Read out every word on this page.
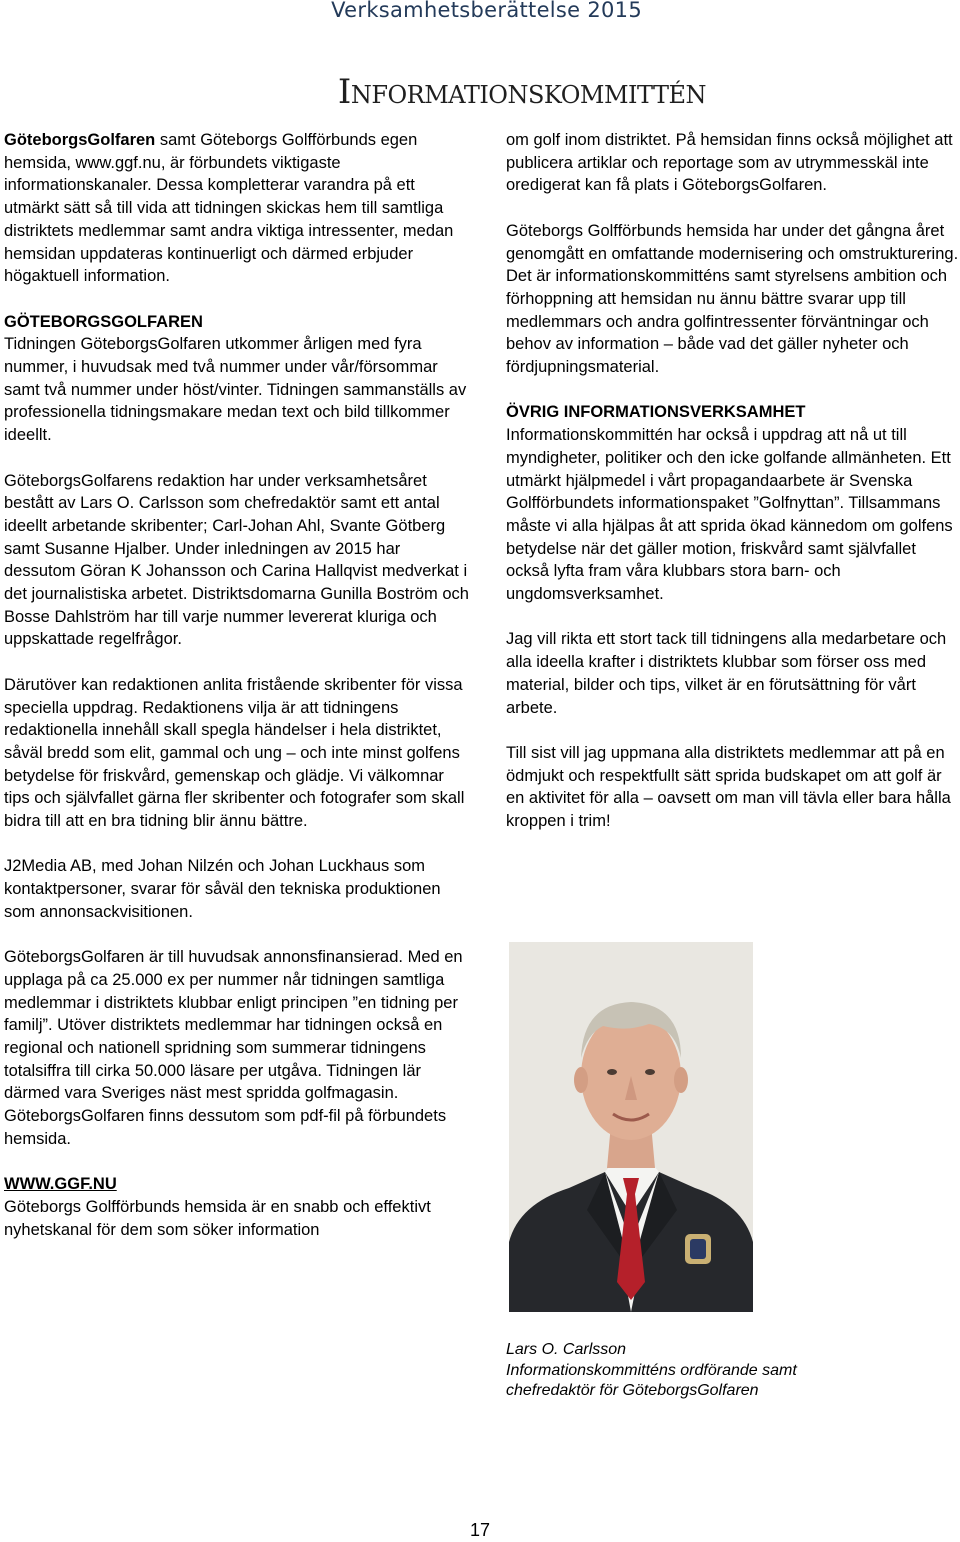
Verksamhetsberättelse 2015
Informationskommittén

GöteborgsGolfaren samt Göteborgs Golfförbunds egen hemsida, www.ggf.nu, är förbundets viktigaste informationskanaler. Dessa kompletterar varandra på ett utmärkt sätt så till vida att tidningen skickas hem till samtliga distriktets medlemmar samt andra viktiga intressenter, medan hemsidan uppdateras kontinuerligt och därmed erbjuder högaktuell information.

GÖTEBORGSGOLFAREN

Tidningen GöteborgsGolfaren utkommer årligen med fyra nummer, i huvudsak med två nummer under vår/försommar samt två nummer under höst/vinter. Tidningen sammanställs av professionella tidningsmakare medan text och bild tillkommer ideellt.

GöteborgsGolfarens redaktion har under verksamhetsåret bestått av Lars O. Carlsson som chefredaktör samt ett antal ideellt arbetande skribenter; Carl-Johan Ahl, Svante Götberg samt Susanne Hjalber. Under inledningen av 2015 har dessutom Göran K Johansson och Carina Hallqvist medverkat i det journalistiska arbetet. Distriktsdomarna Gunilla Boström och Bosse Dahlström har till varje nummer levererat kluriga och uppskattade regelfrågor.

Därutöver kan redaktionen anlita fristående skribenter för vissa speciella uppdrag. Redaktionens vilja är att tidningens redaktionella innehåll skall spegla händelser i hela distriktet, såväl bredd som elit, gammal och ung – och inte minst golfens betydelse för friskvård, gemenskap och glädje. Vi välkomnar tips och självfallet gärna fler skribenter och fotografer som skall bidra till att en bra tidning blir ännu bättre.

J2Media AB, med Johan Nilzén och Johan Luckhaus som kontaktpersoner, svarar för såväl den tekniska produktionen som annonsackvisitionen.

GöteborgsGolfaren är till huvudsak annonsfinansierad. Med en upplaga på ca 25.000 ex per nummer når tidningen samtliga medlemmar i distriktets klubbar enligt principen ”en tidning per familj”. Utöver distriktets medlemmar har tidningen också en regional och nationell spridning som summerar tidningens totalsiffra till cirka 50.000 läsare per utgåva. Tidningen lär därmed vara Sveriges näst mest spridda golfmagasin. GöteborgsGolfaren finns dessutom som pdf-fil på förbundets hemsida.

WWW.GGF.NU

Göteborgs Golfförbunds hemsida är en snabb och effektivt nyhetskanal för dem som söker information

om golf inom distriktet. På hemsidan finns också möjlighet att publicera artiklar och reportage som av utrymmesskäl inte oredigerat kan få plats i GöteborgsGolfaren.

Göteborgs Golfförbunds hemsida har under det gångna året genomgått en omfattande modernisering och omstrukturering. Det är informationskommitténs samt styrelsens ambition och förhoppning att hemsidan nu ännu bättre svarar upp till medlemmars och andra golfintressenter förväntningar och behov av information – både vad det gäller nyheter och fördjupningsmaterial.

ÖVRIG INFORMATIONSVERKSAMHET

Informationskommittén har också i uppdrag att nå ut till myndigheter, politiker och den icke golfande allmänheten. Ett utmärkt hjälpmedel i vårt propagandaarbete är Svenska Golfförbundets informationspaket ”Golfnyttan”. Tillsammans måste vi alla hjälpas åt att sprida ökad kännedom om golfens betydelse när det gäller motion, friskvård samt självfallet också lyfta fram våra klubbars stora barn- och ungdomsverksamhet.

Jag vill rikta ett stort tack till tidningens alla medarbetare och alla ideella krafter i distriktets klubbar som förser oss med material, bilder och tips, vilket är en förutsättning för vårt arbete.

Till sist vill jag uppmana alla distriktets medlemmar att på en ödmjukt och respektfullt sätt sprida budskapet om att golf är en aktivitet för alla – oavsett om man vill tävla eller bara hålla kroppen i trim!

Lars O. Carlsson
Informationskommitténs ordförande samt
chefredaktör för GöteborgsGolfaren
17
